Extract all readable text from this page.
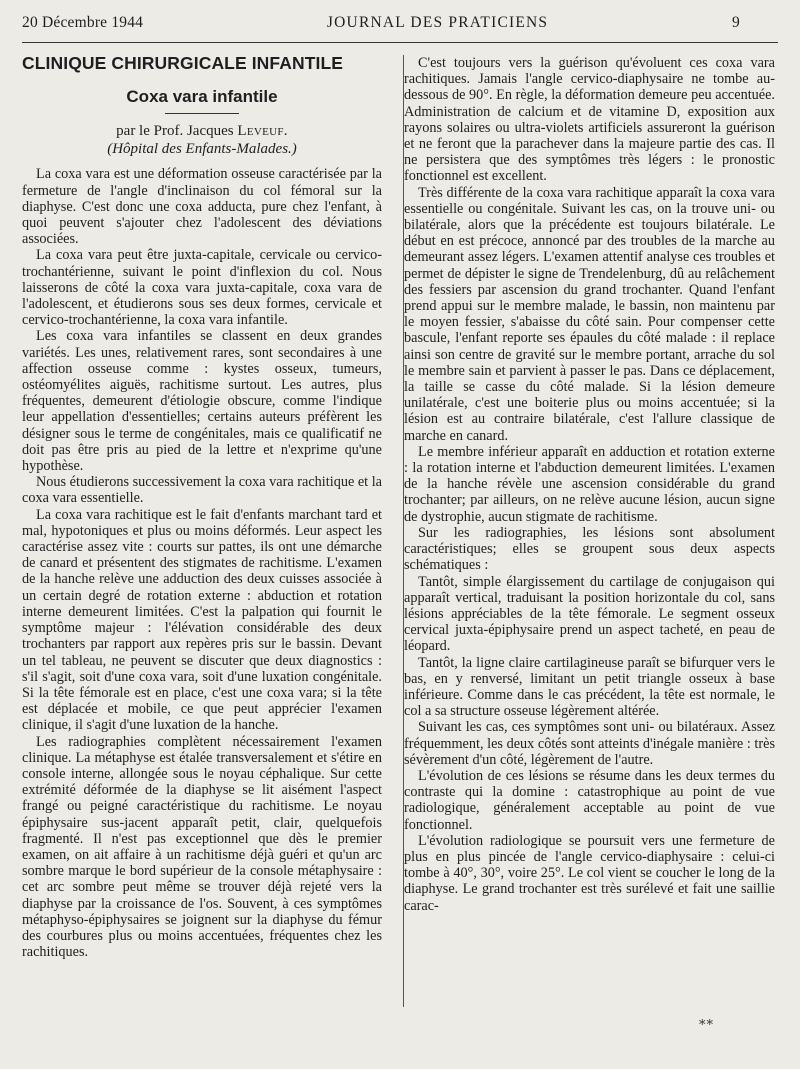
20 Décembre 1944	JOURNAL DES PRATICIENS	9
CLINIQUE CHIRURGICALE INFANTILE
Coxa vara infantile

par le Prof. Jacques Leveuf.

(Hôpital des Enfants-Malades.)

La coxa vara est une déformation osseuse caractérisée par la fermeture de l'angle d'inclinaison du col fémoral sur la diaphyse. C'est donc une coxa adducta, pure chez l'enfant, à quoi peuvent s'ajouter chez l'adolescent des déviations associées.

La coxa vara peut être juxta-capitale, cervicale ou cervico-trochantérienne, suivant le point d'inflexion du col. Nous laisserons de côté la coxa vara juxta-capitale, coxa vara de l'adolescent, et étudierons sous ses deux formes, cervicale et cervico-trochantérienne, la coxa vara infantile.

Les coxa vara infantiles se classent en deux grandes variétés. Les unes, relativement rares, sont secondaires à une affection osseuse comme : kystes osseux, tumeurs, ostéomyélites aiguës, rachitisme surtout. Les autres, plus fréquentes, demeurent d'étiologie obscure, comme l'indique leur appellation d'essentielles; certains auteurs préfèrent les désigner sous le terme de congénitales, mais ce qualificatif ne doit pas être pris au pied de la lettre et n'exprime qu'une hypothèse.

Nous étudierons successivement la coxa vara rachitique et la coxa vara essentielle.

La coxa vara rachitique est le fait d'enfants marchant tard et mal, hypotoniques et plus ou moins déformés. Leur aspect les caractérise assez vite : courts sur pattes, ils ont une démarche de canard et présentent des stigmates de rachitisme. L'examen de la hanche relève une adduction des deux cuisses associée à un certain degré de rotation externe : abduction et rotation interne demeurent limitées. C'est la palpation qui fournit le symptôme majeur : l'élévation considérable des deux trochanters par rapport aux repères pris sur le bassin. Devant un tel tableau, ne peuvent se discuter que deux diagnostics : s'il s'agit, soit d'une coxa vara, soit d'une luxation congénitale. Si la tête fémorale est en place, c'est une coxa vara; si la tête est déplacée et mobile, ce que peut apprécier l'examen clinique, il s'agit d'une luxation de la hanche.

Les radiographies complètent nécessairement l'examen clinique. La métaphyse est étalée transversalement et s'étire en console interne, allongée sous le noyau céphalique. Sur cette extrémité déformée de la diaphyse se lit aisément l'aspect frangé ou peigné caractéristique du rachitisme. Le noyau épiphysaire sus-jacent apparaît petit, clair, quelquefois fragmenté. Il n'est pas exceptionnel que dès le premier examen, on ait affaire à un rachitisme déjà guéri et qu'un arc sombre marque le bord supérieur de la console métaphysaire : cet arc sombre peut même se trouver déjà rejeté vers la diaphyse par la croissance de l'os. Souvent, à ces symptômes métaphyso-épiphysaires se joignent sur la diaphyse du fémur des courbures plus ou moins accentuées, fréquentes chez les rachitiques.

C'est toujours vers la guérison qu'évoluent ces coxa vara rachitiques. Jamais l'angle cervico-diaphysaire ne tombe au-dessous de 90°. En règle, la déformation demeure peu accentuée. Administration de calcium et de vitamine D, exposition aux rayons solaires ou ultra-violets artificiels assureront la guérison et ne feront que la parachever dans la majeure partie des cas. Il ne persistera que des symptômes très légers : le pronostic fonctionnel est excellent.

Très différente de la coxa vara rachitique apparaît la coxa vara essentielle ou congénitale. Suivant les cas, on la trouve uni- ou bilatérale, alors que la précédente est toujours bilatérale. Le début en est précoce, annoncé par des troubles de la marche au demeurant assez légers. L'examen attentif analyse ces troubles et permet de dépister le signe de Trendelenburg, dû au relâchement des fessiers par ascension du grand trochanter. Quand l'enfant prend appui sur le membre malade, le bassin, non maintenu par le moyen fessier, s'abaisse du côté sain. Pour compenser cette bascule, l'enfant reporte ses épaules du côté malade : il replace ainsi son centre de gravité sur le membre portant, arrache du sol le membre sain et parvient à passer le pas. Dans ce déplacement, la taille se casse du côté malade. Si la lésion demeure unilatérale, c'est une boiterie plus ou moins accentuée; si la lésion est au contraire bilatérale, c'est l'allure classique de marche en canard.

Le membre inférieur apparaît en adduction et rotation externe : la rotation interne et l'abduction demeurent limitées. L'examen de la hanche révèle une ascension considérable du grand trochanter; par ailleurs, on ne relève aucune lésion, aucun signe de dystrophie, aucun stigmate de rachitisme.

Sur les radiographies, les lésions sont absolument caractéristiques; elles se groupent sous deux aspects schématiques :

Tantôt, simple élargissement du cartilage de conjugaison qui apparaît vertical, traduisant la position horizontale du col, sans lésions appréciables de la tête fémorale. Le segment osseux cervical juxta-épiphysaire prend un aspect tacheté, en peau de léopard.

Tantôt, la ligne claire cartilagineuse paraît se bifurquer vers le bas, en y renversé, limitant un petit triangle osseux à base inférieure. Comme dans le cas précédent, la tête est normale, le col a sa structure osseuse légèrement altérée.

Suivant les cas, ces symptômes sont uni- ou bilatéraux. Assez fréquemment, les deux côtés sont atteints d'inégale manière : très sévèrement d'un côté, légèrement de l'autre.

L'évolution de ces lésions se résume dans les deux termes du contraste qui la domine : catastrophique au point de vue radiologique, généralement acceptable au point de vue fonctionnel.

L'évolution radiologique se poursuit vers une fermeture de plus en plus pincée de l'angle cervico-diaphysaire : celui-ci tombe à 40°, 30°, voire 25°. Le col vient se coucher le long de la diaphyse. Le grand trochanter est très surélevé et fait une saillie carac-

**
